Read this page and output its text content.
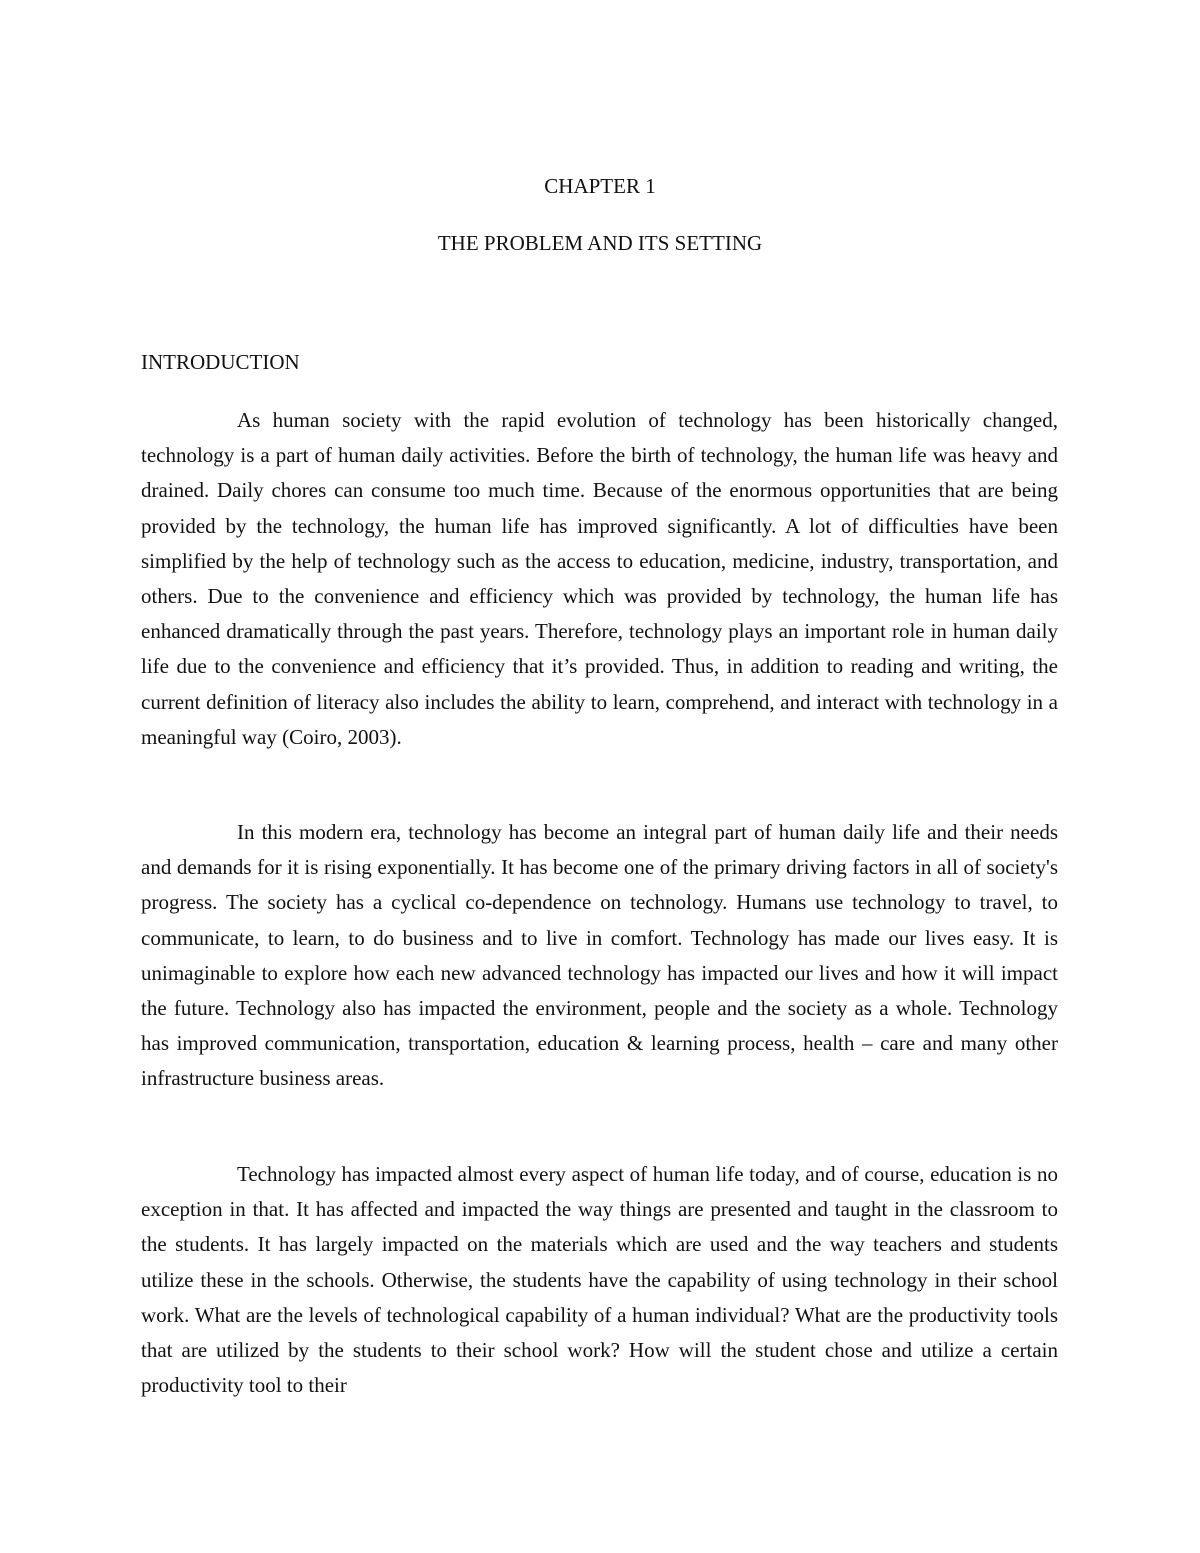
CHAPTER 1
THE PROBLEM AND ITS SETTING
INTRODUCTION

As human society with the rapid evolution of technology has been historically changed, technology is a part of human daily activities. Before the birth of technology, the human life was heavy and drained. Daily chores can consume too much time. Because of the enormous opportunities that are being provided by the technology, the human life has improved significantly. A lot of difficulties have been simplified by the help of technology such as the access to education, medicine, industry, transportation, and others. Due to the convenience and efficiency which was provided by technology, the human life has enhanced dramatically through the past years. Therefore, technology plays an important role in human daily life due to the convenience and efficiency that it’s provided. Thus, in addition to reading and writing, the current definition of literacy also includes the ability to learn, comprehend, and interact with technology in a meaningful way (Coiro, 2003).

In this modern era, technology has become an integral part of human daily life and their needs and demands for it is rising exponentially. It has become one of the primary driving factors in all of society's progress. The society has a cyclical co-dependence on technology. Humans use technology to travel, to communicate, to learn, to do business and to live in comfort. Technology has made our lives easy. It is unimaginable to explore how each new advanced technology has impacted our lives and how it will impact the future. Technology also has impacted the environment, people and the society as a whole. Technology has improved communication, transportation, education & learning process, health – care and many other infrastructure business areas.

Technology has impacted almost every aspect of human life today, and of course, education is no exception in that. It has affected and impacted the way things are presented and taught in the classroom to the students. It has largely impacted on the materials which are used and the way teachers and students utilize these in the schools. Otherwise, the students have the capability of using technology in their school work. What are the levels of technological capability of a human individual? What are the productivity tools that are utilized by the students to their school work? How will the student chose and utilize a certain productivity tool to their
